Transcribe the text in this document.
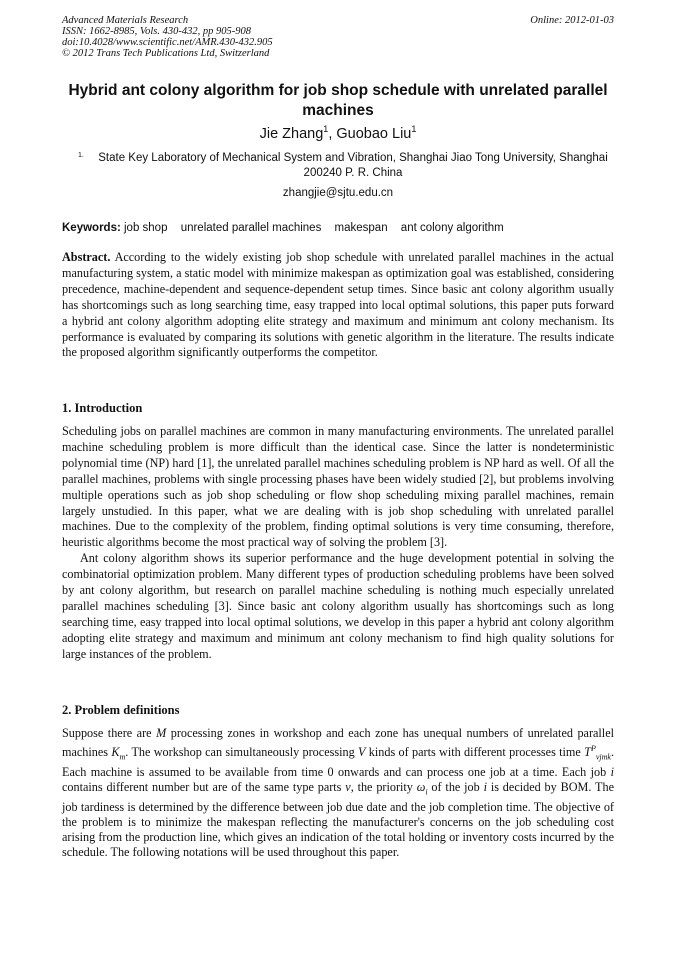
Advanced Materials Research
ISSN: 1662-8985, Vols. 430-432, pp 905-908
doi:10.4028/www.scientific.net/AMR.430-432.905
© 2012 Trans Tech Publications Ltd, Switzerland
Online: 2012-01-03
Hybrid ant colony algorithm for job shop schedule with unrelated parallel machines
Jie Zhang$^1$, Guobao Liu$^1$
1.	State Key Laboratory of Mechanical System and Vibration, Shanghai Jiao Tong University, Shanghai 200240 P. R. China
zhangjie@sjtu.edu.cn
Keywords: job shop unrelated parallel machines makespan ant colony algorithm
Abstract. According to the widely existing job shop schedule with unrelated parallel machines in the actual manufacturing system, a static model with minimize makespan as optimization goal was established, considering precedence, machine-dependent and sequence-dependent setup times. Since basic ant colony algorithm usually has shortcomings such as long searching time, easy trapped into local optimal solutions, this paper puts forward a hybrid ant colony algorithm adopting elite strategy and maximum and minimum ant colony mechanism. Its performance is evaluated by comparing its solutions with genetic algorithm in the literature. The results indicate the proposed algorithm significantly outperforms the competitor.
1. Introduction

Scheduling jobs on parallel machines are common in many manufacturing environments. The unrelated parallel machine scheduling problem is more difficult than the identical case. Since the latter is nondeterministic polynomial time (NP) hard [1], the unrelated parallel machines scheduling problem is NP hard as well. Of all the parallel machines, problems with single processing phases have been widely studied [2], but problems involving multiple operations such as job shop scheduling or flow shop scheduling mixing parallel machines, remain largely unstudied. In this paper, what we are dealing with is job shop scheduling with unrelated parallel machines. Due to the complexity of the problem, finding optimal solutions is very time consuming, therefore, heuristic algorithms become the most practical way of solving the problem [3].

Ant colony algorithm shows its superior performance and the huge development potential in solving the combinatorial optimization problem. Many different types of production scheduling problems have been solved by ant colony algorithm, but research on parallel machine scheduling is nothing much especially unrelated parallel machines scheduling [3]. Since basic ant colony algorithm usually has shortcomings such as long searching time, easy trapped into local optimal solutions, we develop in this paper a hybrid ant colony algorithm adopting elite strategy and maximum and minimum ant colony mechanism to find high quality solutions for large instances of the problem.

2. Problem definitions

Suppose there are M processing zones in workshop and each zone has unequal numbers of unrelated parallel machines $K_m$. The workshop can simultaneously processing V kinds of parts with different processes time $T^P_{vjmk}$. Each machine is assumed to be available from time 0 onwards and can process one job at a time. Each job i contains different number but are of the same type parts v, the priority $\omega_i$ of the job i is decided by BOM. The job tardiness is determined by the difference between job due date and the job completion time. The objective of the problem is to minimize the makespan reflecting the manufacturer's concerns on the job scheduling cost arising from the production line, which gives an indication of the total holding or inventory costs incurred by the schedule. The following notations will be used throughout this paper.
